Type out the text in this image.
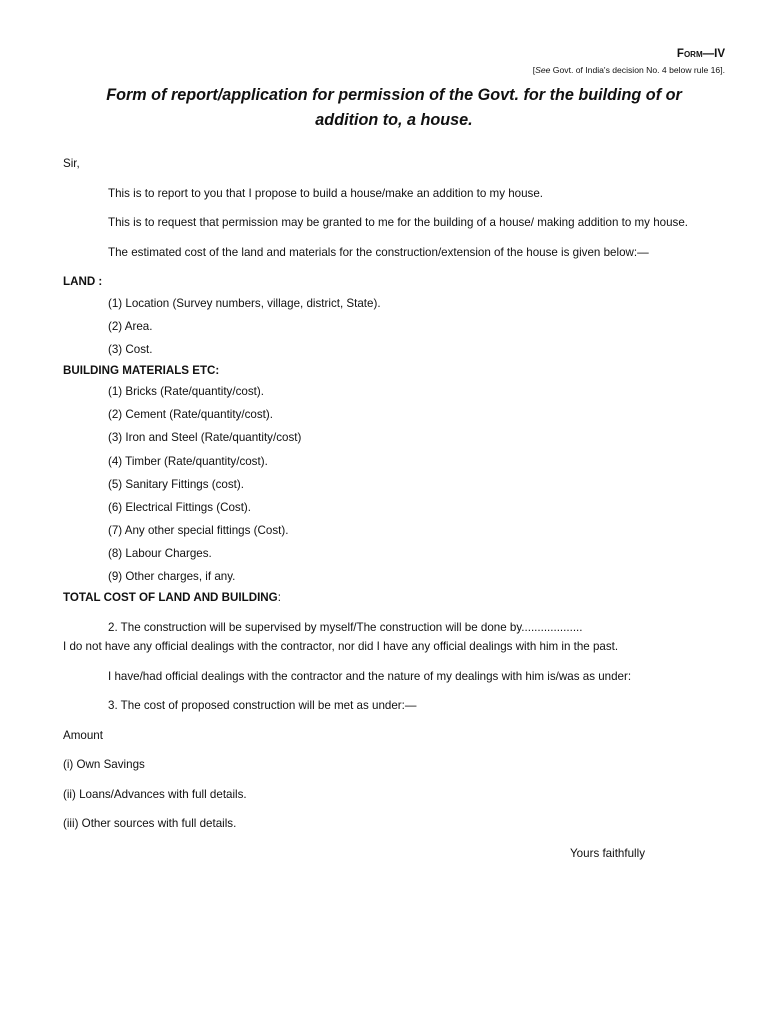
Form—IV
[See Govt. of India's decision No. 4 below rule 16].
Form of report/application for permission of the Govt. for the building of or addition to, a house.

Sir,

This is to report to you that I propose to build a house/make an addition to my house.

This is to request that permission may be granted to me for the building of a house/ making addition to my house.

The estimated cost of the land and materials for the construction/extension of the house is given below:—

LAND :

(1) Location (Survey numbers, village, district, State).
(2) Area.
(3) Cost.

BUILDING MATERIALS ETC:

(1) Bricks (Rate/quantity/cost).
(2) Cement (Rate/quantity/cost).
(3) Iron and Steel (Rate/quantity/cost)
(4) Timber (Rate/quantity/cost).
(5) Sanitary Fittings (cost).
(6) Electrical Fittings (Cost).
(7) Any other special fittings (Cost).
(8) Labour Charges.
(9) Other charges, if any.

TOTAL COST OF LAND AND BUILDING:

2. The construction will be supervised by myself/The construction will be done by...................

I do not have any official dealings with the contractor, nor did I have any official dealings with him in the past.

I have/had official dealings with the contractor and the nature of my dealings with him is/was as under:

3. The cost of proposed construction will be met as under:—

Amount

(i) Own Savings

(ii) Loans/Advances with full details.

(iii) Other sources with full details.

Yours faithfully
